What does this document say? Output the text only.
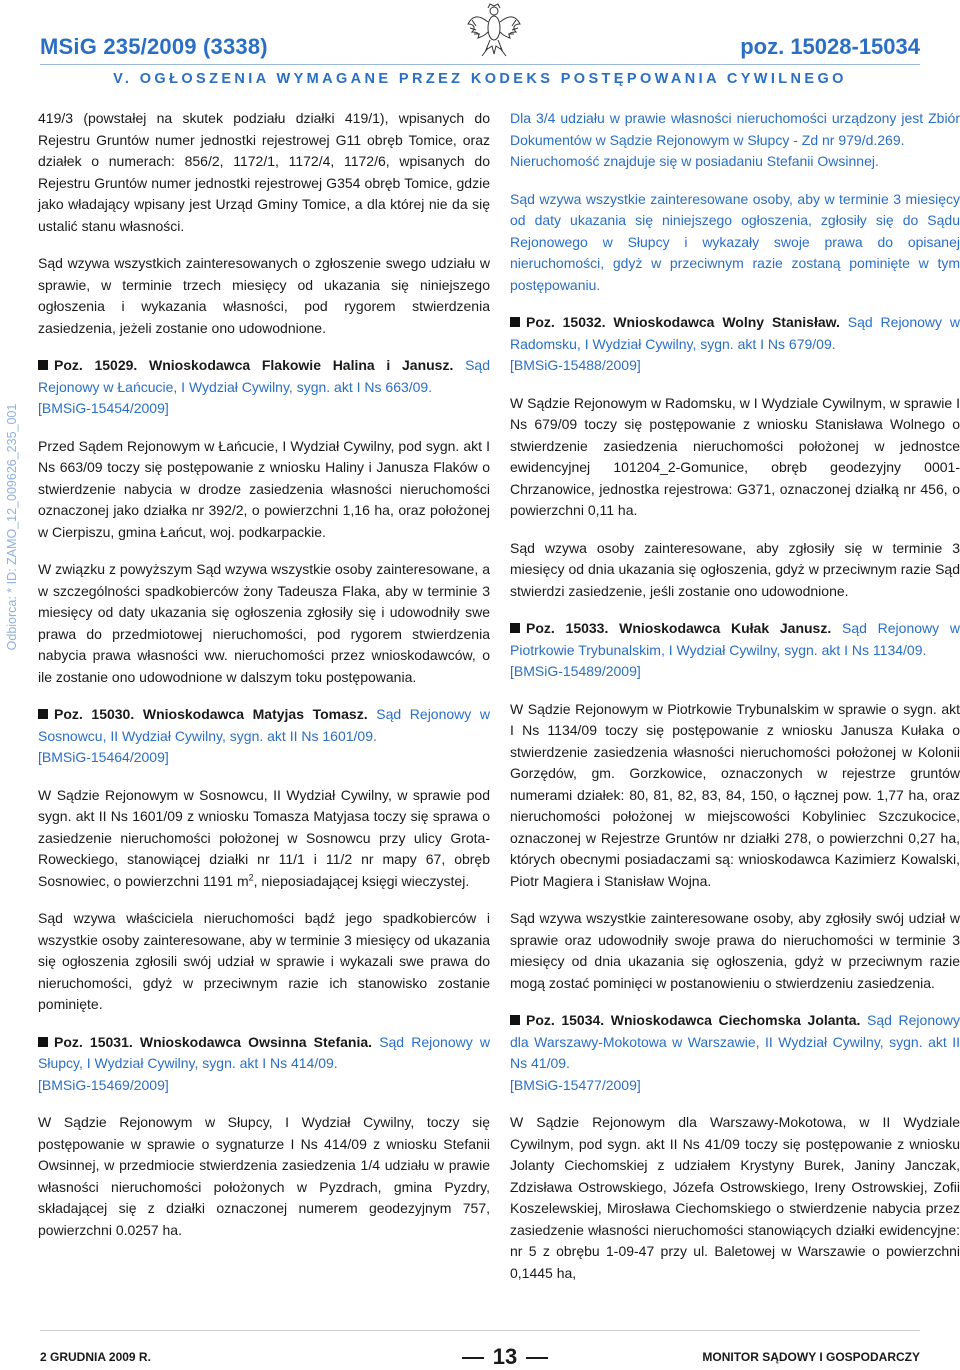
MSiG 235/2009 (3338)	poz. 15028-15034
V. OGŁOSZENIA WYMAGANE PRZEZ KODEKS POSTĘPOWANIA CYWILNEGO
Odbiorca: * ID: ZAMO_12_009626_235_001

419/3 (powstałej na skutek podziału działki 419/1), wpisanych do Rejestru Gruntów numer jednostki rejestrowej G11 obręb Tomice, oraz działek o numerach: 856/2, 1172/1, 1172/4, 1172/6, wpisanych do Rejestru Gruntów numer jednostki rejestrowej G354 obręb Tomice, gdzie jako władający wpisany jest Urząd Gminy Tomice, a dla której nie da się ustalić stanu własności.

Sąd wzywa wszystkich zainteresowanych o zgłoszenie swego udziału w sprawie, w terminie trzech miesięcy od ukazania się niniejszego ogłoszenia i wykazania własności, pod rygorem stwierdzenia zasiedzenia, jeżeli zostanie ono udowodnione.

Poz. 15029. Wnioskodawca Flakowie Halina i Janusz. Sąd Rejonowy w Łańcucie, I Wydział Cywilny, sygn. akt I Ns 663/09.
[BMSiG-15454/2009]

Przed Sądem Rejonowym w Łańcucie, I Wydział Cywilny, pod sygn. akt I Ns 663/09 toczy się postępowanie z wniosku Haliny i Janusza Flaków o stwierdzenie nabycia w drodze zasiedzenia własności nieruchomości oznaczonej jako działka nr 392/2, o powierzchni 1,16 ha, oraz położonej w Cierpiszu, gmina Łańcut, woj. podkarpackie.

W związku z powyższym Sąd wzywa wszystkie osoby zainteresowane, a w szczególności spadkobierców żony Tadeusza Flaka, aby w terminie 3 miesięcy od daty ukazania się ogłoszenia zgłosiły się i udowodniły swe prawa do przedmiotowej nieruchomości, pod rygorem stwierdzenia nabycia prawa własności ww. nieruchomości przez wnioskodawców, o ile zostanie ono udowodnione w dalszym toku postępowania.

Poz. 15030. Wnioskodawca Matyjas Tomasz. Sąd Rejonowy w Sosnowcu, II Wydział Cywilny, sygn. akt II Ns 1601/09.
[BMSiG-15464/2009]

W Sądzie Rejonowym w Sosnowcu, II Wydział Cywilny, w sprawie pod sygn. akt II Ns 1601/09 z wniosku Tomasza Matyjasa toczy się sprawa o zasiedzenie nieruchomości położonej w Sosnowcu przy ulicy Grota-Roweckiego, stanowiącej działki nr 11/1 i 11/2 nr mapy 67, obręb Sosnowiec, o powierzchni 1191 $m^2$, nieposiadającej księgi wieczystej.

Sąd wzywa właściciela nieruchomości bądź jego spadkobierców i wszystkie osoby zainteresowane, aby w terminie 3 miesięcy od ukazania się ogłoszenia zgłosili swój udział w sprawie i wykazali swe prawa do nieruchomości, gdyż w przeciwnym razie ich stanowisko zostanie pominięte.

Poz. 15031. Wnioskodawca Owsinna Stefania. Sąd Rejonowy w Słupcy, I Wydział Cywilny, sygn. akt I Ns 414/09.
[BMSiG-15469/2009]

W Sądzie Rejonowym w Słupcy, I Wydział Cywilny, toczy się postępowanie w sprawie o sygnaturze I Ns 414/09 z wniosku Stefanii Owsinnej, w przedmiocie stwierdzenia zasiedzenia 1/4 udziału w prawie własności nieruchomości położonych w Pyzdrach, gmina Pyzdry, składającej się z działki oznaczonej numerem geodezyjnym 757, powierzchni 0.0257 ha.

Dla 3/4 udziału w prawie własności nieruchomości urządzony jest Zbiór Dokumentów w Sądzie Rejonowym w Słupcy - Zd nr 979/d.269.
Nieruchomość znajduje się w posiadaniu Stefanii Owsinnej.

Sąd wzywa wszystkie zainteresowane osoby, aby w terminie 3 miesięcy od daty ukazania się niniejszego ogłoszenia, zgłosiły się do Sądu Rejonowego w Słupcy i wykazały swoje prawa do opisanej nieruchomości, gdyż w przeciwnym razie zostaną pominięte w tym postępowaniu.

Poz. 15032. Wnioskodawca Wolny Stanisław. Sąd Rejonowy w Radomsku, I Wydział Cywilny, sygn. akt I Ns 679/09.
[BMSiG-15488/2009]

W Sądzie Rejonowym w Radomsku, w I Wydziale Cywilnym, w sprawie I Ns 679/09 toczy się postępowanie z wniosku Stanisława Wolnego o stwierdzenie zasiedzenia nieruchomości położonej w jednostce ewidencyjnej 101204_2-Gomunice, obręb geodezyjny 0001-Chrzanowice, jednostka rejestrowa: G371, oznaczonej działką nr 456, o powierzchni 0,11 ha.

Sąd wzywa osoby zainteresowane, aby zgłosiły się w terminie 3 miesięcy od dnia ukazania się ogłoszenia, gdyż w przeciwnym razie Sąd stwierdzi zasiedzenie, jeśli zostanie ono udowodnione.

Poz. 15033. Wnioskodawca Kułak Janusz. Sąd Rejonowy w Piotrkowie Trybunalskim, I Wydział Cywilny, sygn. akt I Ns 1134/09.
[BMSiG-15489/2009]

W Sądzie Rejonowym w Piotrkowie Trybunalskim w sprawie o sygn. akt I Ns 1134/09 toczy się postępowanie z wniosku Janusza Kułaka o stwierdzenie zasiedzenia własności nieruchomości położonej w Kolonii Gorzędów, gm. Gorzkowice, oznaczonych w rejestrze gruntów numerami działek: 80, 81, 82, 83, 84, 150, o łącznej pow. 1,77 ha, oraz nieruchomości położonej w miejscowości Kobyliniec Szczukocice, oznaczonej w Rejestrze Gruntów nr działki 278, o powierzchni 0,27 ha, których obecnymi posiadaczami są: wnioskodawca Kazimierz Kowalski, Piotr Magiera i Stanisław Wojna.

Sąd wzywa wszystkie zainteresowane osoby, aby zgłosiły swój udział w sprawie oraz udowodniły swoje prawa do nieruchomości w terminie 3 miesięcy od dnia ukazania się ogłoszenia, gdyż w przeciwnym razie mogą zostać pominięci w postanowieniu o stwierdzeniu zasiedzenia.

Poz. 15034. Wnioskodawca Ciechomska Jolanta. Sąd Rejonowy dla Warszawy-Mokotowa w Warszawie, II Wydział Cywilny, sygn. akt II Ns 41/09.
[BMSiG-15477/2009]

W Sądzie Rejonowym dla Warszawy-Mokotowa, w II Wydziale Cywilnym, pod sygn. akt II Ns 41/09 toczy się postępowanie z wniosku Jolanty Ciechomskiej z udziałem Krystyny Burek, Janiny Janczak, Zdzisława Ostrowskiego, Józefa Ostrowskiego, Ireny Ostrowskiej, Zofii Koszelewskiej, Mirosława Ciechomskiego o stwierdzenie nabycia przez zasiedzenie własności nieruchomości stanowiących działki ewidencyjne: nr 5 z obrębu 1-09-47 przy ul. Baletowej w Warszawie o powierzchni 0,1445 ha,

2 GRUDNIA 2009 R.	13	MONITOR SĄDOWY I GOSPODARCZY
